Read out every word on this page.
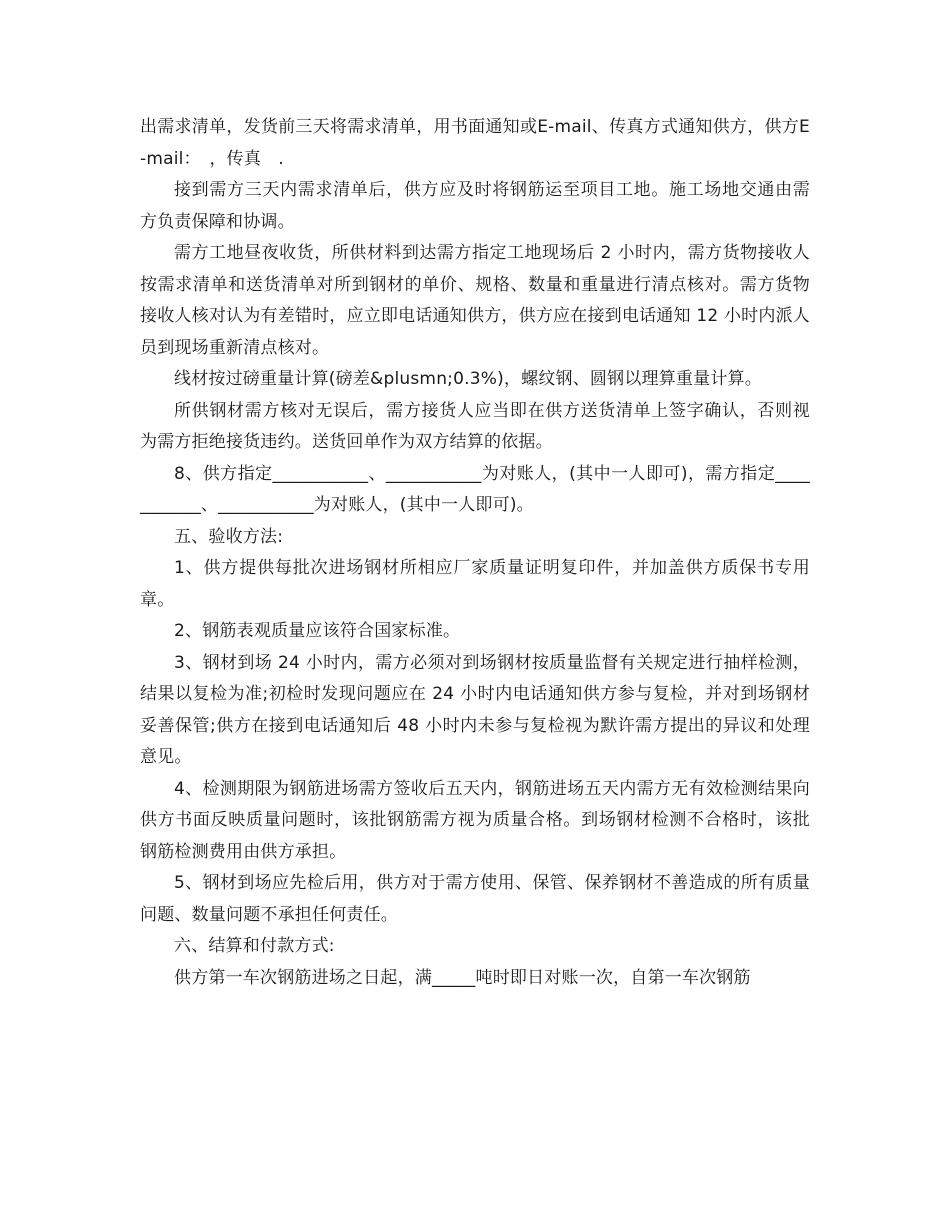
出需求清单，发货前三天将需求清单，用书面通知或E-mail、传真方式通知供方，供方E-mail：　，传真　.

接到需方三天内需求清单后，供方应及时将钢筋运至项目工地。施工场地交通由需方负责保障和协调。

需方工地昼夜收货，所供材料到达需方指定工地现场后 2 小时内，需方货物接收人按需求清单和送货清单对所到钢材的单价、规格、数量和重量进行清点核对。需方货物接收人核对认为有差错时，应立即电话通知供方，供方应在接到电话通知 12 小时内派人员到现场重新清点核对。

线材按过磅重量计算(磅差&plusmn;0.3%)，螺纹钢、圆钢以理算重量计算。

所供钢材需方核对无误后，需方接货人应当即在供方送货清单上签字确认，否则视为需方拒绝接货违约。送货回单作为双方结算的依据。

8、供方指定___________、___________为对账人，(其中一人即可)，需方指定___________、___________为对账人，(其中一人即可)。

五、验收方法:

1、供方提供每批次进场钢材所相应厂家质量证明复印件，并加盖供方质保书专用章。

2、钢筋表观质量应该符合国家标准。

3、钢材到场 24 小时内，需方必须对到场钢材按质量监督有关规定进行抽样检测，结果以复检为准;初检时发现问题应在 24 小时内电话通知供方参与复检，并对到场钢材妥善保管;供方在接到电话通知后 48 小时内未参与复检视为默许需方提出的异议和处理意见。

4、检测期限为钢筋进场需方签收后五天内，钢筋进场五天内需方无有效检测结果向供方书面反映质量问题时，该批钢筋需方视为质量合格。到场钢材检测不合格时，该批钢筋检测费用由供方承担。

5、钢材到场应先检后用，供方对于需方使用、保管、保养钢材不善造成的所有质量问题、数量问题不承担任何责任。

六、结算和付款方式:

供方第一车次钢筋进场之日起，满_____吨时即日对账一次，自第一车次钢筋
